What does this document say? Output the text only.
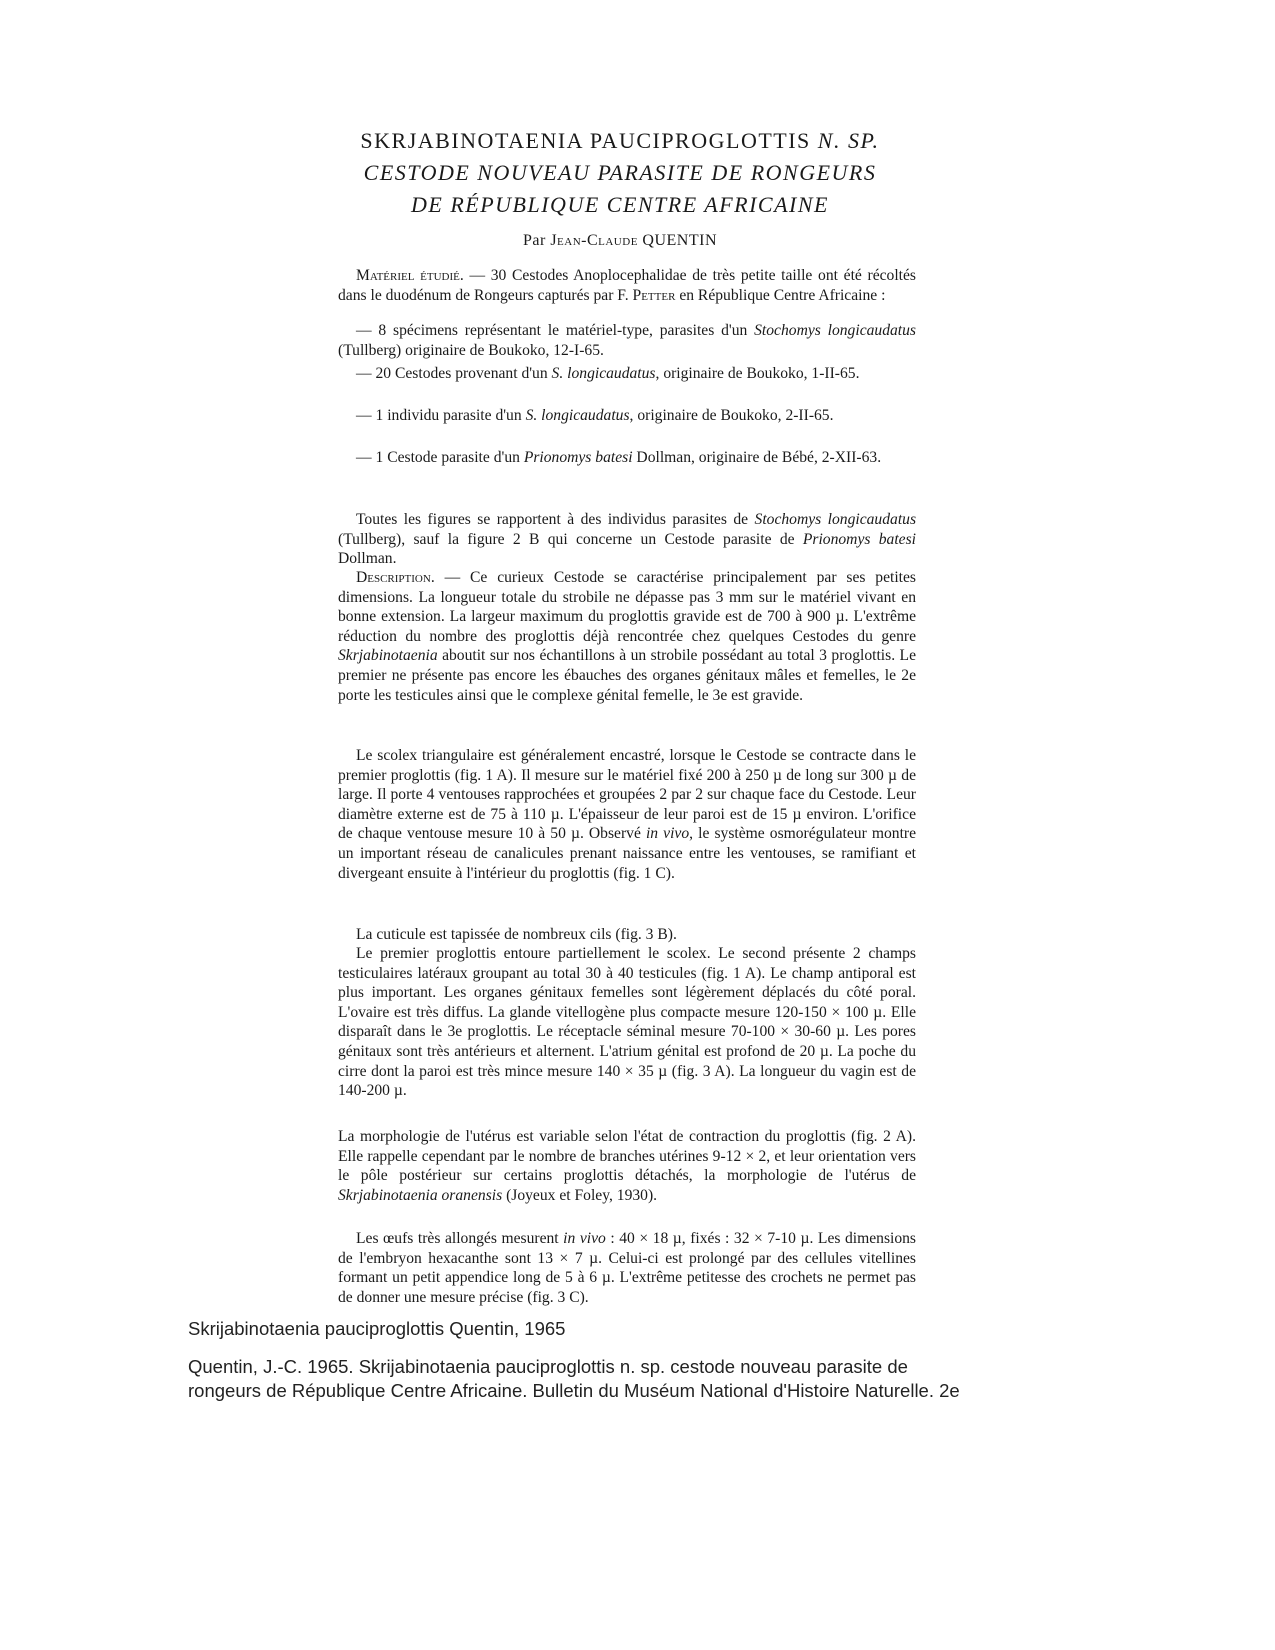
SKRJABINOTAENIA PAUCIPROGLOTTIS N. SP.
CESTODE NOUVEAU PARASITE DE RONGEURS
DE RÉPUBLIQUE CENTRE AFRICAINE
Par Jean-Claude QUENTIN
Matériel étudié. — 30 Cestodes Anoplocephalidae de très petite taille ont été récoltés dans le duodénum de Rongeurs capturés par F. Petter en République Centre Africaine :
— 8 spécimens représentant le matériel-type, parasites d'un Stochomys longicaudatus (Tullberg) originaire de Boukoko, 12-I-65.
— 20 Cestodes provenant d'un S. longicaudatus, originaire de Boukoko, 1-II-65.
— 1 individu parasite d'un S. longicaudatus, originaire de Boukoko, 2-II-65.
— 1 Cestode parasite d'un Prionomys batesi Dollman, originaire de Bébé, 2-XII-63.
Toutes les figures se rapportent à des individus parasites de Stochomys longicaudatus (Tullberg), sauf la figure 2 B qui concerne un Cestode parasite de Prionomys batesi Dollman.
Description. — Ce curieux Cestode se caractérise principalement par ses petites dimensions. La longueur totale du strobile ne dépasse pas 3 mm sur le matériel vivant en bonne extension. La largeur maximum du proglottis gravide est de 700 à 900 µ. L'extrême réduction du nombre des proglottis déjà rencontrée chez quelques Cestodes du genre Skrjabinotaenia aboutit sur nos échantillons à un strobile possédant au total 3 proglottis. Le premier ne présente pas encore les ébauches des organes génitaux mâles et femelles, le 2e porte les testicules ainsi que le complexe génital femelle, le 3e est gravide.
Le scolex triangulaire est généralement encastré, lorsque le Cestode se contracte dans le premier proglottis (fig. 1 A). Il mesure sur le matériel fixé 200 à 250 µ de long sur 300 µ de large. Il porte 4 ventouses rapprochées et groupées 2 par 2 sur chaque face du Cestode. Leur diamètre externe est de 75 à 110 µ. L'épaisseur de leur paroi est de 15 µ environ. L'orifice de chaque ventouse mesure 10 à 50 µ. Observé in vivo, le système osmorégulateur montre un important réseau de canalicules prenant naissance entre les ventouses, se ramifiant et divergeant ensuite à l'intérieur du proglottis (fig. 1 C).
La cuticule est tapissée de nombreux cils (fig. 3 B).
Le premier proglottis entoure partiellement le scolex. Le second présente 2 champs testiculaires latéraux groupant au total 30 à 40 testicules (fig. 1 A). Le champ antiporal est plus important. Les organes génitaux femelles sont légèrement déplacés du côté poral. L'ovaire est très diffus. La glande vitellogène plus compacte mesure 120-150 × 100 µ. Elle disparaît dans le 3e proglottis. Le réceptacle séminal mesure 70-100 × 30-60 µ. Les pores génitaux sont très antérieurs et alternent. L'atrium génital est profond de 20 µ. La poche du cirre dont la paroi est très mince mesure 140 × 35 µ (fig. 3 A). La longueur du vagin est de 140-200 µ.
La morphologie de l'utérus est variable selon l'état de contraction du proglottis (fig. 2 A). Elle rappelle cependant par le nombre de branches utérines 9-12 × 2, et leur orientation vers le pôle postérieur sur certains proglottis détachés, la morphologie de l'utérus de Skrjabinotaenia oranensis (Joyeux et Foley, 1930).
Les œufs très allongés mesurent in vivo : 40 × 18 µ, fixés : 32 × 7-10 µ. Les dimensions de l'embryon hexacanthe sont 13 × 7 µ. Celui-ci est prolongé par des cellules vitellines formant un petit appendice long de 5 à 6 µ. L'extrême petitesse des crochets ne permet pas de donner une mesure précise (fig. 3 C).
Skrijabinotaenia pauciproglottis Quentin, 1965
Quentin, J.-C. 1965. Skrijabinotaenia pauciproglottis n. sp. cestode nouveau parasite de
rongeurs de République Centre Africaine. Bulletin du Muséum National d'Histoire Naturelle. 2e
